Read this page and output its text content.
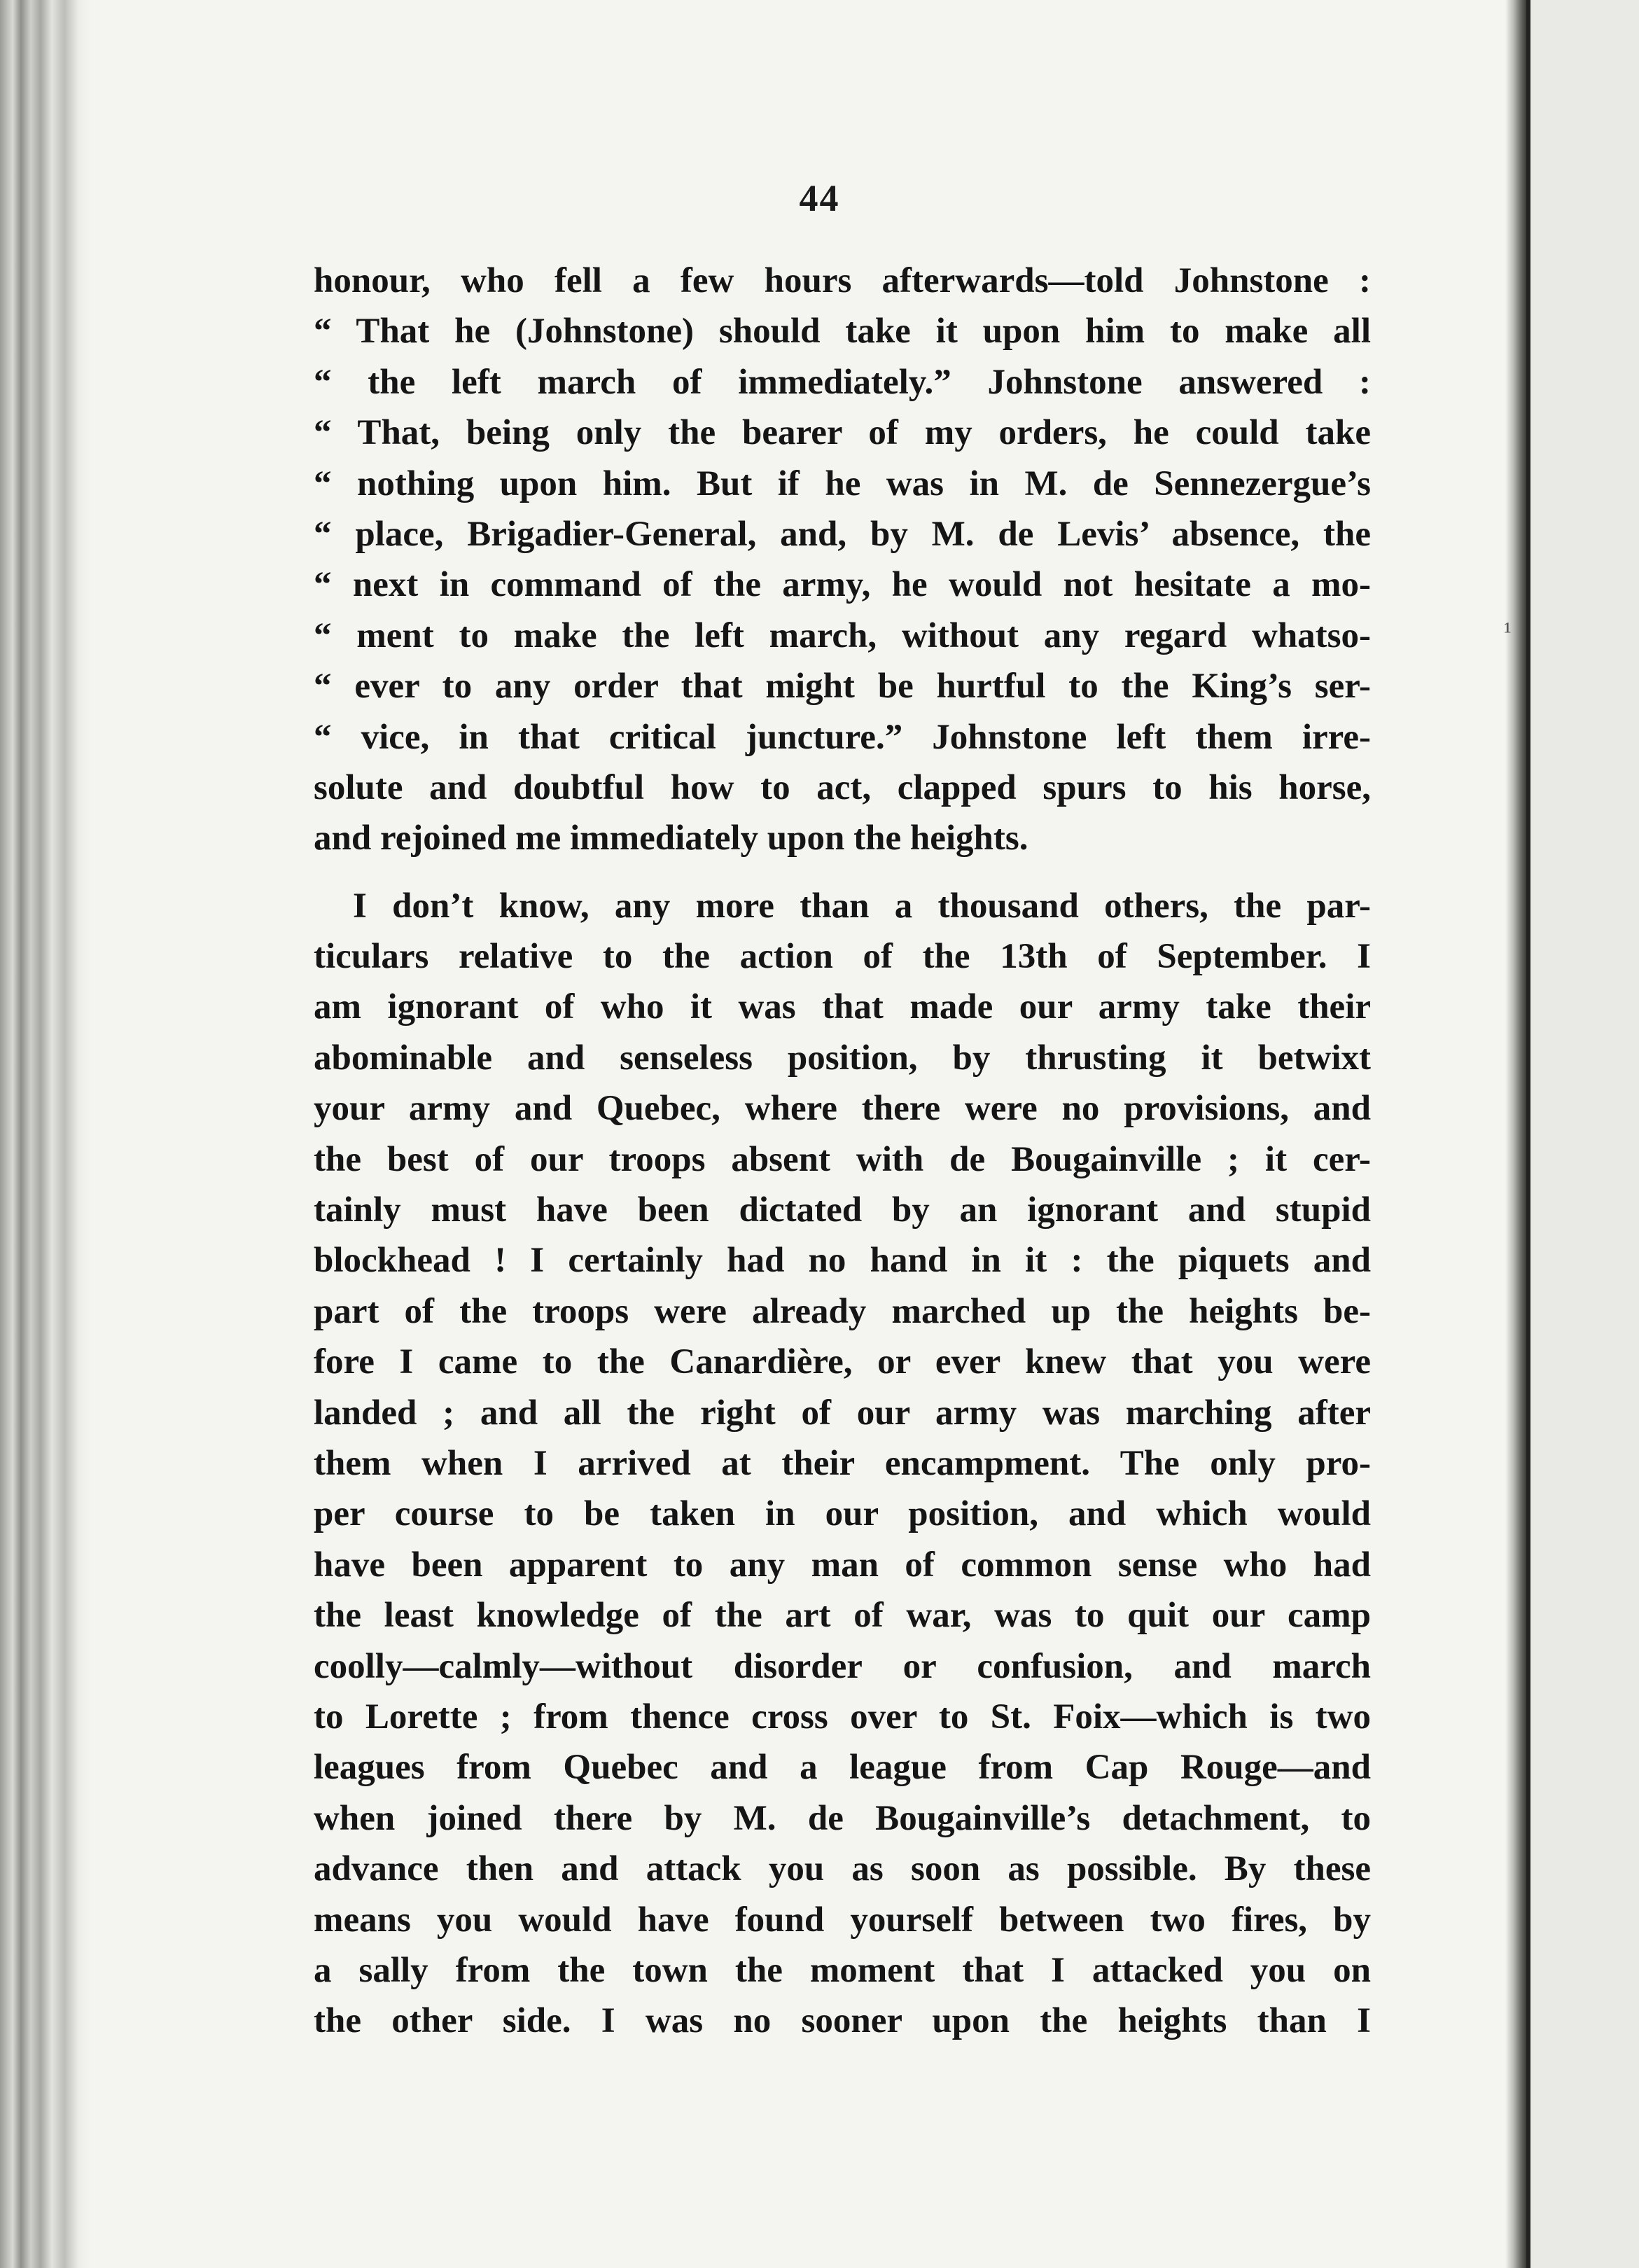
44
honour, who fell a few hours afterwards—told Johnstone :
“ That he (Johnstone) should take it upon him to make all
“ the left march of immediately.” Johnstone answered :
“ That, being only the bearer of my orders, he could take
“ nothing upon him. But if he was in M. de Sennezergue’s
“ place, Brigadier-General, and, by M. de Levis’ absence, the
“ next in command of the army, he would not hesitate a mo-
“ ment to make the left march, without any regard whatso-
“ ever to any order that might be hurtful to the King’s ser-
“ vice, in that critical juncture.” Johnstone left them irre-
solute and doubtful how to act, clapped spurs to his horse,
and rejoined me immediately upon the heights.
I don’t know, any more than a thousand others, the par-
ticulars relative to the action of the 13th of September. I
am ignorant of who it was that made our army take their
abominable and senseless position, by thrusting it betwixt
your army and Quebec, where there were no provisions, and
the best of our troops absent with de Bougainville ; it cer-
tainly must have been dictated by an ignorant and stupid
blockhead ! I certainly had no hand in it : the piquets and
part of the troops were already marched up the heights be-
fore I came to the Canardière, or ever knew that you were
landed ; and all the right of our army was marching after
them when I arrived at their encampment. The only pro-
per course to be taken in our position, and which would
have been apparent to any man of common sense who had
the least knowledge of the art of war, was to quit our camp
coolly—calmly—without disorder or confusion, and march
to Lorette ; from thence cross over to St. Foix—which is two
leagues from Quebec and a league from Cap Rouge—and
when joined there by M. de Bougainville’s detachment, to
advance then and attack you as soon as possible. By these
means you would have found yourself between two fires, by
a sally from the town the moment that I attacked you on
the other side. I was no sooner upon the heights than I
¹
